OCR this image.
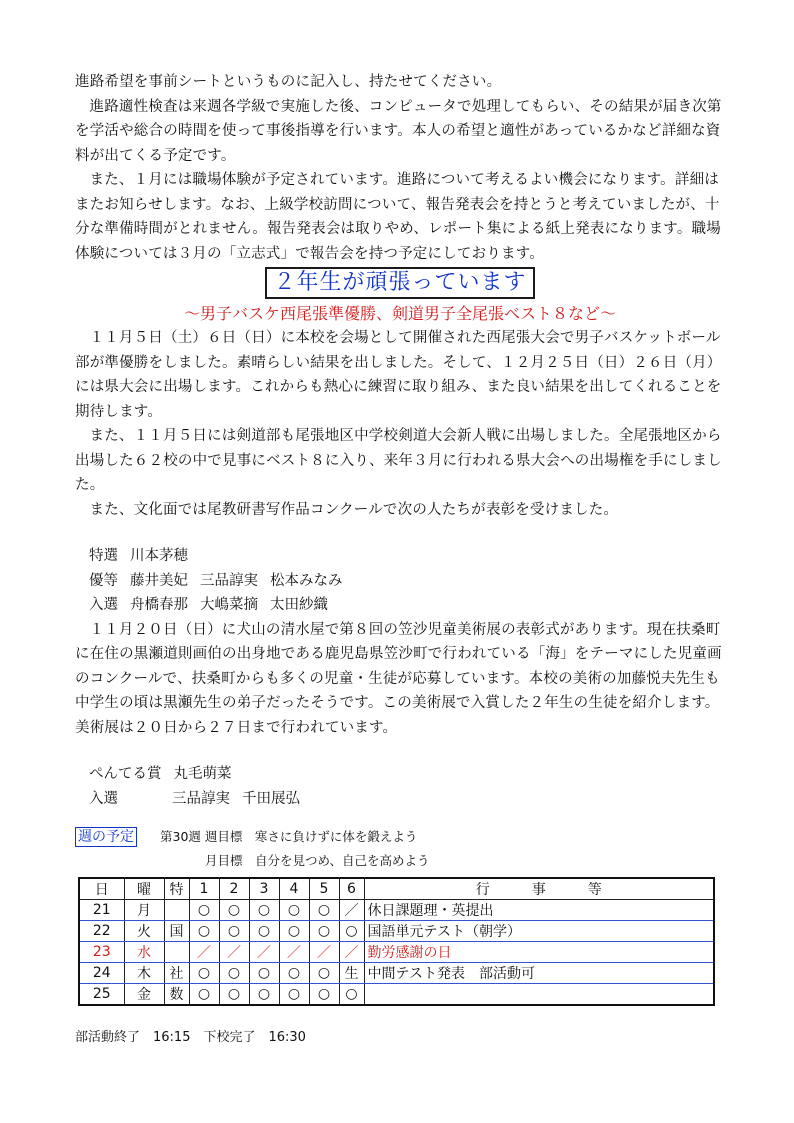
進路希望を事前シートというものに記入し、持たせてください。

進路適性検査は来週各学級で実施した後、コンピュータで処理してもらい、その結果が届き次第を学活や総合の時間を使って事後指導を行います。本人の希望と適性があっているかなど詳細な資料が出てくる予定です。

また、１月には職場体験が予定されています。進路について考えるよい機会になります。詳細はまたお知らせします。なお、上級学校訪問について、報告発表会を持とうと考えていましたが、十分な準備時間がとれません。報告発表会は取りやめ、レポート集による紙上発表になります。職場体験については３月の「立志式」で報告会を持つ予定にしております。

２年生が頑張っています
～男子バスケ西尾張準優勝、剣道男子全尾張ベスト８など～

１１月５日（土）６日（日）に本校を会場として開催された西尾張大会で男子バスケットボール部が準優勝をしました。素晴らしい結果を出しました。そして、１２月２５日（日）２６日（月）には県大会に出場します。これからも熱心に練習に取り組み、また良い結果を出してくれることを期待します。

また、１１月５日には剣道部も尾張地区中学校剣道大会新人戦に出場しました。全尾張地区から出場した６２校の中で見事にベスト８に入り、来年３月に行われる県大会への出場権を手にしました。

また、文化面では尾教研書写作品コンクールで次の人たちが表彰を受けました。

特選 川本茅穂
優等 藤井美妃 三品諄実 松本みなみ
入選 舟橋春那 大嶋菜摘 太田紗織

１１月２０日（日）に犬山の清水屋で第８回の笠沙児童美術展の表彰式があります。現在扶桑町に在住の黒瀬道則画伯の出身地である鹿児島県笠沙町で行われている「海」をテーマにした児童画のコンクールで、扶桑町からも多くの児童・生徒が応募しています。本校の美術の加藤悦夫先生も中学生の頃は黒瀬先生の弟子だったそうです。この美術展で入賞した２年生の生徒を紹介します。美術展は２０日から２７日まで行われています。

ぺんてる賞 丸毛萌菜
入選	三品諄実 千田展弘
週の予定 第30週 週目標　寒さに負けずに体を鍛えよう
月目標　自分を見つめ、自己を高めよう
日	曜	特	1	2	3	4	5	6	行　　　事　　　等
21	月		○	○	○	○	○	／	休日課題理・英提出
22	火	国	○	○	○	○	○	○	国語単元テスト（朝学）
23	水		／	／	／	／	／	／	勤労感謝の日
24	木	社	○	○	○	○	○	生	中間テスト発表　部活動可
25	金	数	○	○	○	○	○	○	
部活動終了　16:15　下校完了　16:30
